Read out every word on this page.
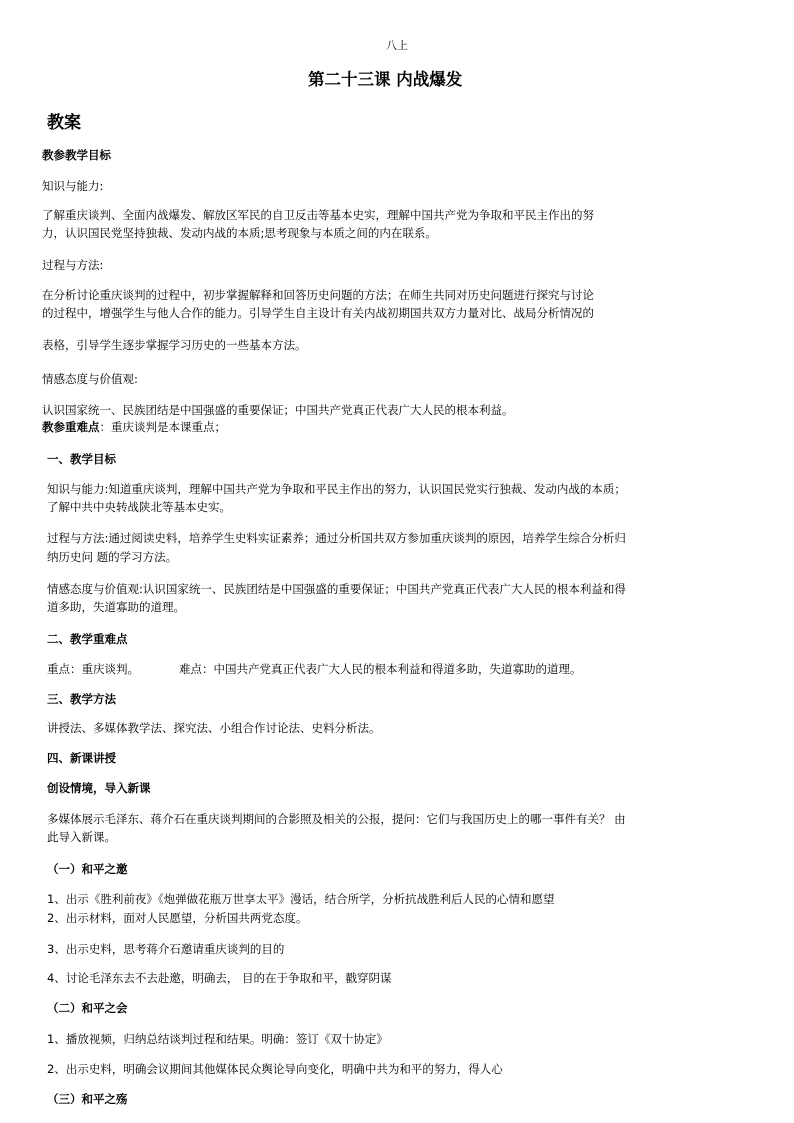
八上
第二十三课 内战爆发
教案
教参教学目标
知识与能力:
了解重庆谈判、全面内战爆发、解放区军民的自卫反击等基本史实，理解中国共产党为争取和平民主作出的努
力，认识国民党坚持独裁、发动内战的本质;思考现象与本质之间的内在联系。
过程与方法:
在分析讨论重庆谈判的过程中，初步掌握解释和回答历史问题的方法；在师生共同对历史问题进行探究与讨论
的过程中，增强学生与他人合作的能力。引导学生自主设计有关内战初期国共双方力量对比、战局分析情况的
表格，引导学生逐步掌握学习历史的一些基本方法。
情感态度与价值观:
认识国家统一、民族团结是中国强盛的重要保证；中国共产党真正代表广大人民的根本利益。
教参重难点：重庆谈判是本课重点；
一、教学目标
知识与能力:知道重庆谈判，理解中国共产党为争取和平民主作出的努力，认识国民党实行独裁、发动内战的本质；
了解中共中央转战陕北等基本史实。
过程与方法:通过阅读史料，培养学生史料实证素养；通过分析国共双方参加重庆谈判的原因，培养学生综合分析归
纳历史问 题的学习方法。
情感态度与价值观:认识国家统一、民族团结是中国强盛的重要保证；中国共产党真正代表广大人民的根本利益和得
道多助，失道寡助的道理。
二、教学重难点
重点：重庆谈判。	难点：中国共产党真正代表广大人民的根本利益和得道多助，失道寡助的道理。
三、教学方法
讲授法、多媒体教学法、探究法、小组合作讨论法、史料分析法。
四、新课讲授
创设情境，导入新课
多媒体展示毛泽东、蒋介石在重庆谈判期间的合影照及相关的公报，提问：它们与我国历史上的哪一事件有关？ 由
此导入新课。
（一）和平之邀
1、出示《胜利前夜》《炮弹做花瓶万世享太平》漫话，结合所学，分析抗战胜利后人民的心情和愿望
2、出示材料，面对人民愿望，分析国共两党态度。
3、出示史料，思考蒋介石邀请重庆谈判的目的
4、讨论毛泽东去不去赴邀，明确去， 目的在于争取和平，戳穿阴谋
（二）和平之会
1、播放视频，归纳总结谈判过程和结果。明确：签订《双十协定》
2、出示史料，明确会议期间其他媒体民众舆论导向变化，明确中共为和平的努力，得人心
（三）和平之殇
